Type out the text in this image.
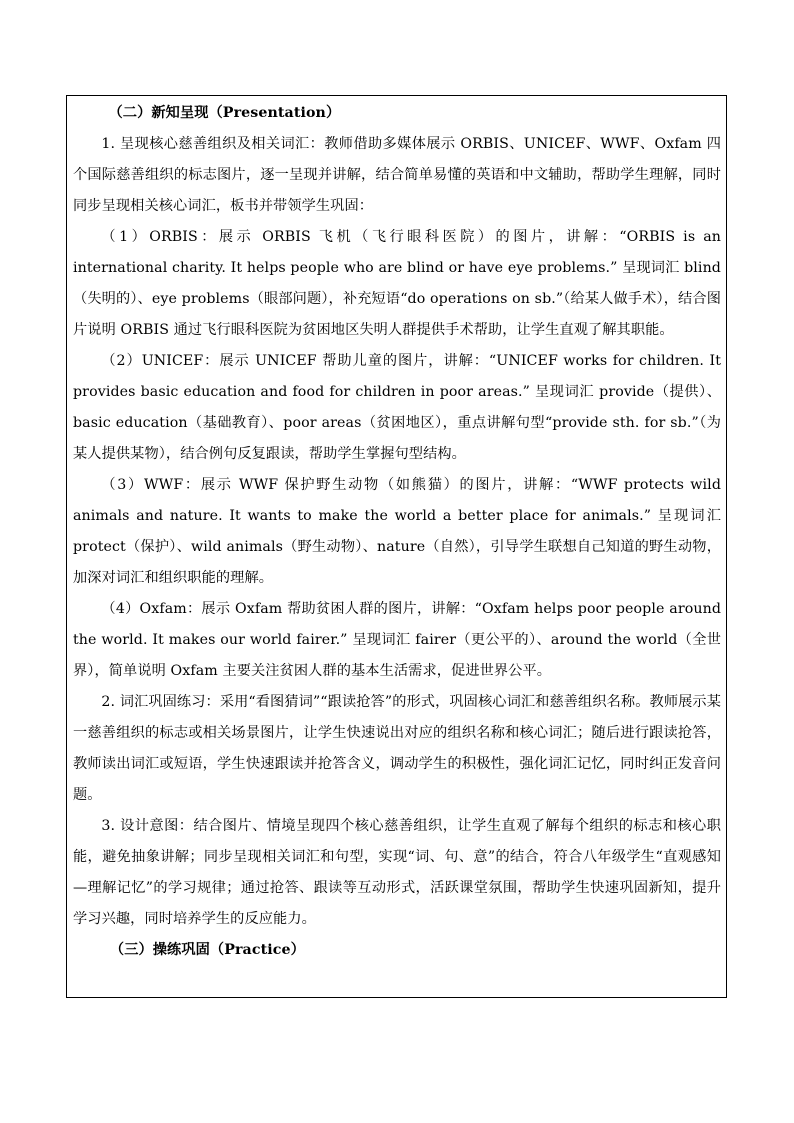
（二）新知呈现（Presentation）

1. 呈现核心慈善组织及相关词汇：教师借助多媒体展示 ORBIS、UNICEF、WWF、Oxfam 四个国际慈善组织的标志图片，逐一呈现并讲解，结合简单易懂的英语和中文辅助，帮助学生理解，同时同步呈现相关核心词汇，板书并带领学生巩固：

（1）ORBIS：展示 ORBIS 飞机（飞行眼科医院）的图片，讲解：“ORBIS is an international charity. It helps people who are blind or have eye problems.” 呈现词汇 blind（失明的）、eye problems（眼部问题），补充短语“do operations on sb.”（给某人做手术），结合图片说明 ORBIS 通过飞行眼科医院为贫困地区失明人群提供手术帮助，让学生直观了解其职能。

（2）UNICEF：展示 UNICEF 帮助儿童的图片，讲解：“UNICEF works for children. It provides basic education and food for children in poor areas.” 呈现词汇 provide（提供）、basic education（基础教育）、poor areas（贫困地区），重点讲解句型“provide sth. for sb.”（为某人提供某物），结合例句反复跟读，帮助学生掌握句型结构。

（3）WWF：展示 WWF 保护野生动物（如熊猫）的图片，讲解：“WWF protects wild animals and nature. It wants to make the world a better place for animals.” 呈现词汇 protect（保护）、wild animals（野生动物）、nature（自然），引导学生联想自己知道的野生动物，加深对词汇和组织职能的理解。

（4）Oxfam：展示 Oxfam 帮助贫困人群的图片，讲解：“Oxfam helps poor people around the world. It makes our world fairer.” 呈现词汇 fairer（更公平的）、around the world（全世界），简单说明 Oxfam 主要关注贫困人群的基本生活需求，促进世界公平。

2. 词汇巩固练习：采用“看图猜词”“跟读抢答”的形式，巩固核心词汇和慈善组织名称。教师展示某一慈善组织的标志或相关场景图片，让学生快速说出对应的组织名称和核心词汇；随后进行跟读抢答，教师读出词汇或短语，学生快速跟读并抢答含义，调动学生的积极性，强化词汇记忆，同时纠正发音问题。

3. 设计意图：结合图片、情境呈现四个核心慈善组织，让学生直观了解每个组织的标志和核心职能，避免抽象讲解；同步呈现相关词汇和句型，实现“词、句、意”的结合，符合八年级学生“直观感知—理解记忆”的学习规律；通过抢答、跟读等互动形式，活跃课堂氛围，帮助学生快速巩固新知，提升学习兴趣，同时培养学生的反应能力。

（三）操练巩固（Practice）
